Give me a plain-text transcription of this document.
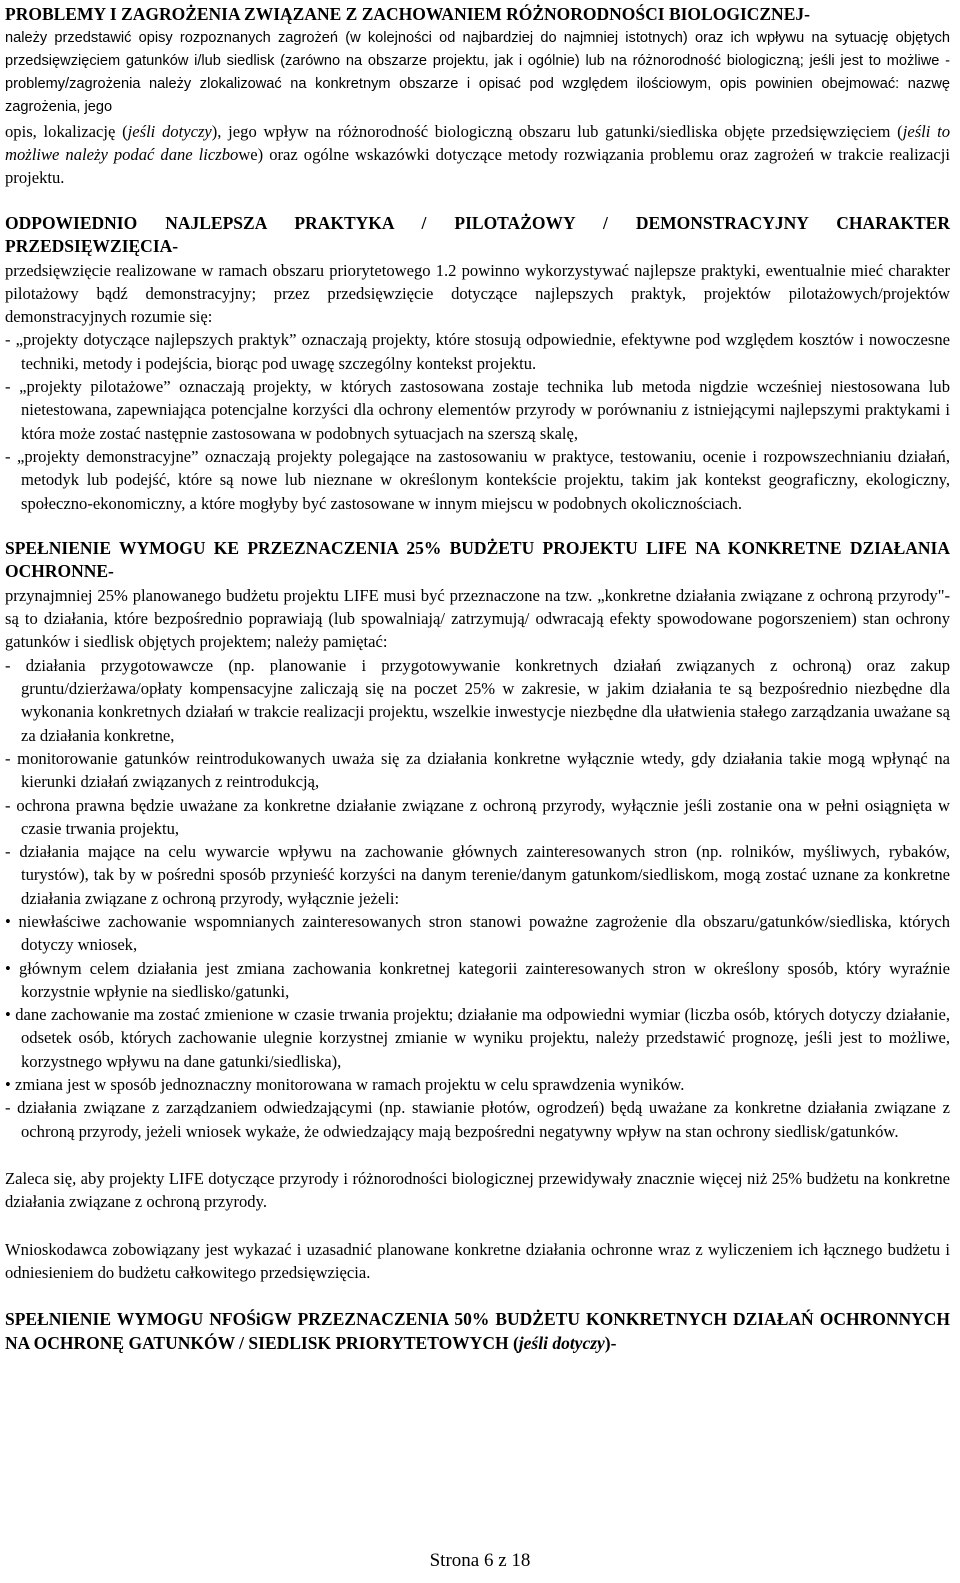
PROBLEMY I ZAGROŻENIA ZWIĄZANE Z ZACHOWANIEM RÓŻNORODNOŚCI BIOLOGICZNEJ-

należy przedstawić opisy rozpoznanych zagrożeń (w kolejności od najbardziej do najmniej istotnych) oraz ich wpływu na sytuację objętych przedsięwzięciem gatunków i/lub siedlisk (zarówno na obszarze projektu, jak i ogólnie) lub na różnorodność biologiczną; jeśli jest to możliwe - problemy/zagrożenia należy zlokalizować na konkretnym obszarze i opisać pod względem ilościowym, opis powinien obejmować: nazwę zagrożenia, jego

opis, lokalizację (jeśli dotyczy), jego wpływ na różnorodność biologiczną obszaru lub gatunki/siedliska objęte przedsięwzięciem (jeśli to możliwe należy podać dane liczbowe) oraz ogólne wskazówki dotyczące metody rozwiązania problemu oraz zagrożeń w trakcie realizacji projektu.

ODPOWIEDNIO NAJLEPSZA PRAKTYKA / PILOTAŻOWY / DEMONSTRACYJNY CHARAKTER PRZEDSIĘWZIĘCIA-

przedsięwzięcie realizowane w ramach obszaru priorytetowego 1.2 powinno wykorzystywać najlepsze praktyki, ewentualnie mieć charakter pilotażowy bądź demonstracyjny; przez przedsięwzięcie dotyczące najlepszych praktyk, projektów pilotażowych/projektów demonstracyjnych rozumie się:

- „projekty dotyczące najlepszych praktyk” oznaczają projekty, które stosują odpowiednie, efektywne pod względem kosztów i nowoczesne techniki, metody i podejścia, biorąc pod uwagę szczególny kontekst projektu.

- „projekty pilotażowe” oznaczają projekty, w których zastosowana zostaje technika lub metoda nigdzie wcześniej niestosowana lub nietestowana, zapewniająca potencjalne korzyści dla ochrony elementów przyrody w porównaniu z istniejącymi najlepszymi praktykami i która może zostać następnie zastosowana w podobnych sytuacjach na szerszą skalę,

- „projekty demonstracyjne” oznaczają projekty polegające na zastosowaniu w praktyce, testowaniu, ocenie i rozpowszechnianiu działań, metodyk lub podejść, które są nowe lub nieznane w określonym kontekście projektu, takim jak kontekst geograficzny, ekologiczny, społeczno-ekonomiczny, a które mogłyby być zastosowane w innym miejscu w podobnych okolicznościach.

SPEŁNIENIE WYMOGU KE PRZEZNACZENIA 25% BUDŻETU PROJEKTU LIFE NA KONKRETNE DZIAŁANIA OCHRONNE-

przynajmniej 25% planowanego budżetu projektu LIFE musi być przeznaczone na tzw. „konkretne działania związane z ochroną przyrody"- są to działania, które bezpośrednio poprawiają (lub spowalniają/ zatrzymują/ odwracają efekty spowodowane pogorszeniem) stan ochrony gatunków i siedlisk objętych projektem; należy pamiętać:

- działania przygotowawcze (np. planowanie i przygotowywanie konkretnych działań związanych z ochroną) oraz zakup gruntu/dzierżawa/opłaty kompensacyjne zaliczają się na poczet 25% w zakresie, w jakim działania te są bezpośrednio niezbędne dla wykonania konkretnych działań w trakcie realizacji projektu, wszelkie inwestycje niezbędne dla ułatwienia stałego zarządzania uważane są za działania konkretne,

- monitorowanie gatunków reintrodukowanych uważa się za działania konkretne wyłącznie wtedy, gdy działania takie mogą wpłynąć na kierunki działań związanych z reintrodukcją,

- ochrona prawna będzie uważane za konkretne działanie związane z ochroną przyrody, wyłącznie jeśli zostanie ona w pełni osiągnięta w czasie trwania projektu,

- działania mające na celu wywarcie wpływu na zachowanie głównych zainteresowanych stron (np. rolników, myśliwych, rybaków, turystów), tak by w pośredni sposób przynieść korzyści na danym terenie/danym gatunkom/siedliskom, mogą zostać uznane za konkretne działania związane z ochroną przyrody, wyłącznie jeżeli:

• niewłaściwe zachowanie wspomnianych zainteresowanych stron stanowi poważne zagrożenie dla obszaru/gatunków/siedliska, których dotyczy wniosek,

• głównym celem działania jest zmiana zachowania konkretnej kategorii zainteresowanych stron w określony sposób, który wyraźnie korzystnie wpłynie na siedlisko/gatunki,

• dane zachowanie ma zostać zmienione w czasie trwania projektu; działanie ma odpowiedni wymiar (liczba osób, których dotyczy działanie, odsetek osób, których zachowanie ulegnie korzystnej zmianie w wyniku projektu, należy przedstawić prognozę, jeśli jest to możliwe, korzystnego wpływu na dane gatunki/siedliska),

• zmiana jest w sposób jednoznaczny monitorowana w ramach projektu w celu sprawdzenia wyników.

- działania związane z zarządzaniem odwiedzającymi (np. stawianie płotów, ogrodzeń) będą uważane za konkretne działania związane z ochroną przyrody, jeżeli wniosek wykaże, że odwiedzający mają bezpośredni negatywny wpływ na stan ochrony siedlisk/gatunków.

Zaleca się, aby projekty LIFE dotyczące przyrody i różnorodności biologicznej przewidywały znacznie więcej niż 25% budżetu na konkretne działania związane z ochroną przyrody.

Wnioskodawca zobowiązany jest wykazać i uzasadnić planowane konkretne działania ochronne wraz z wyliczeniem ich łącznego budżetu i odniesieniem do budżetu całkowitego przedsięwzięcia.

SPEŁNIENIE WYMOGU NFOŚiGW PRZEZNACZENIA 50% BUDŻETU KONKRETNYCH DZIAŁAŃ OCHRONNYCH NA OCHRONĘ GATUNKÓW / SIEDLISK PRIORYTETOWYCH (jeśli dotyczy)-
Strona 6 z 18
